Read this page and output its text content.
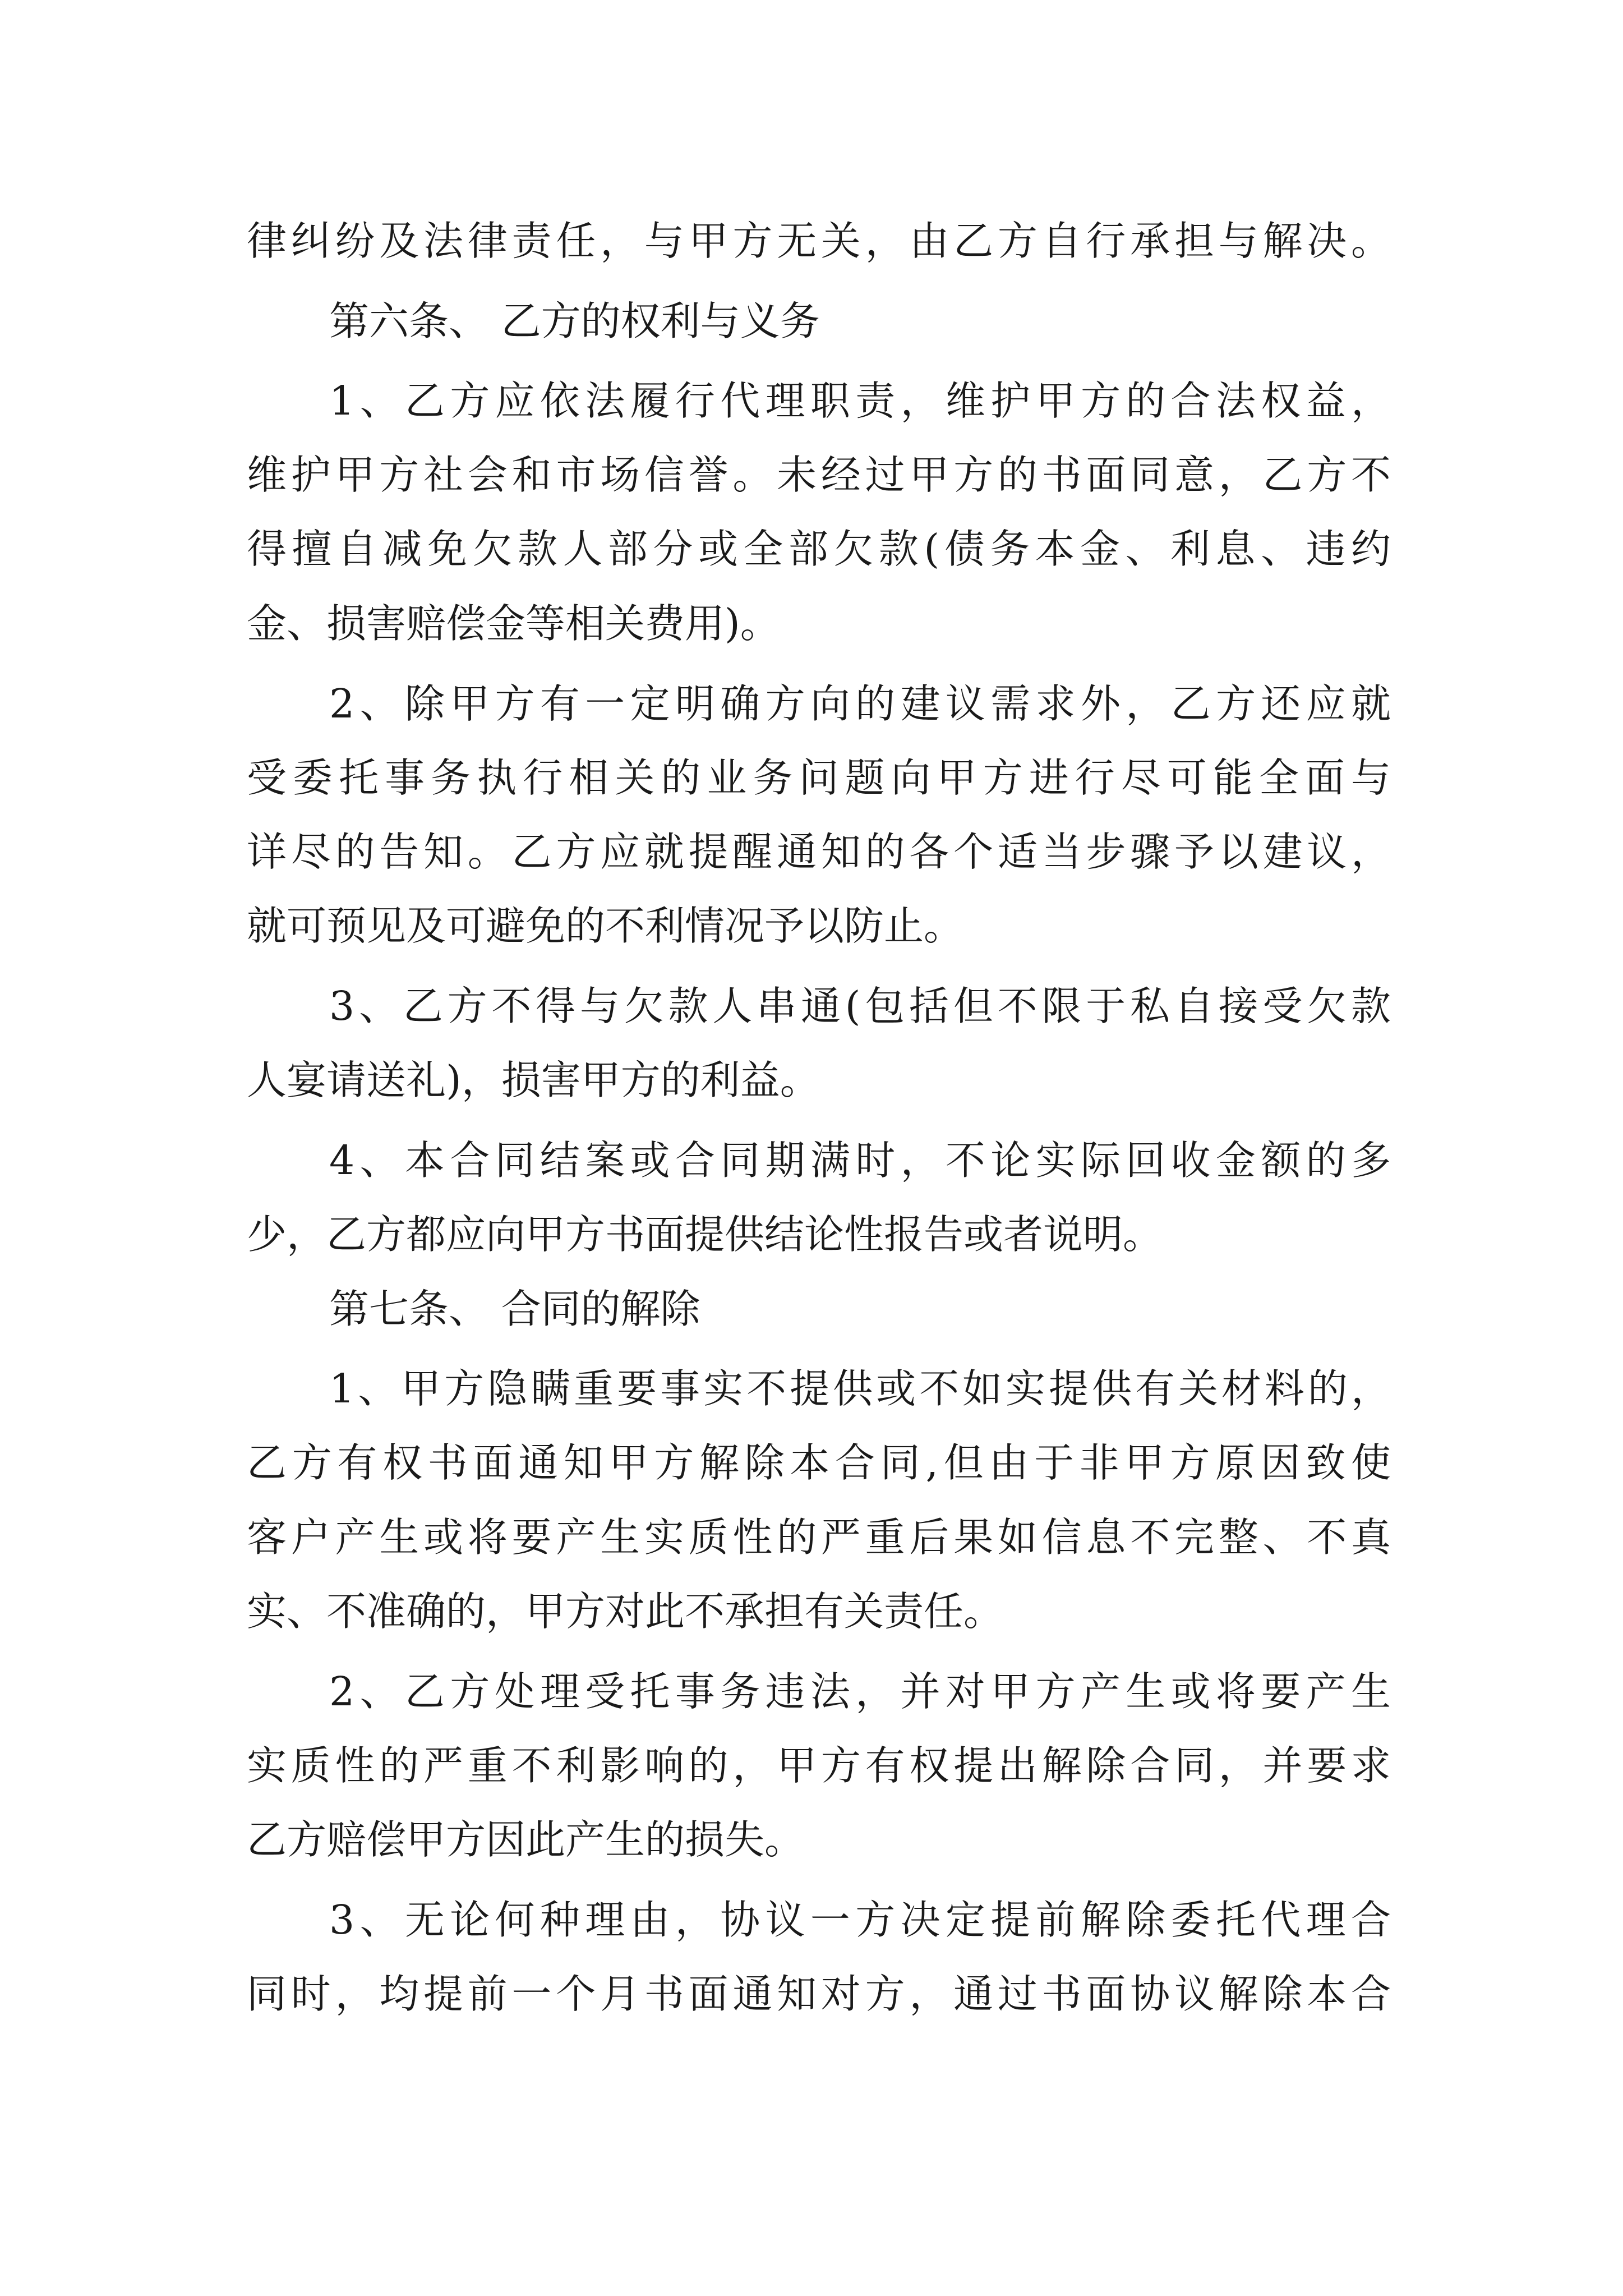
律纠纷及法律责任，与甲方无关，由乙方自行承担与解决。
第六条、 乙方的权利与义务
1、乙方应依法履行代理职责，维护甲方的合法权益，
维护甲方社会和市场信誉。未经过甲方的书面同意，乙方不
得擅自减免欠款人部分或全部欠款(债务本金、利息、违约
金、损害赔偿金等相关费用)。
2、除甲方有一定明确方向的建议需求外，乙方还应就
受委托事务执行相关的业务问题向甲方进行尽可能全面与
详尽的告知。乙方应就提醒通知的各个适当步骤予以建议，
就可预见及可避免的不利情况予以防止。
3、乙方不得与欠款人串通(包括但不限于私自接受欠款
人宴请送礼)，损害甲方的利益。
4、本合同结案或合同期满时，不论实际回收金额的多
少，乙方都应向甲方书面提供结论性报告或者说明。
第七条、 合同的解除
1、甲方隐瞒重要事实不提供或不如实提供有关材料的，
乙方有权书面通知甲方解除本合同,但由于非甲方原因致使
客户产生或将要产生实质性的严重后果如信息不完整、不真
实、不准确的，甲方对此不承担有关责任。
2、乙方处理受托事务违法，并对甲方产生或将要产生
实质性的严重不利影响的，甲方有权提出解除合同，并要求
乙方赔偿甲方因此产生的损失。
3、无论何种理由，协议一方决定提前解除委托代理合
同时，均提前一个月书面通知对方，通过书面协议解除本合
